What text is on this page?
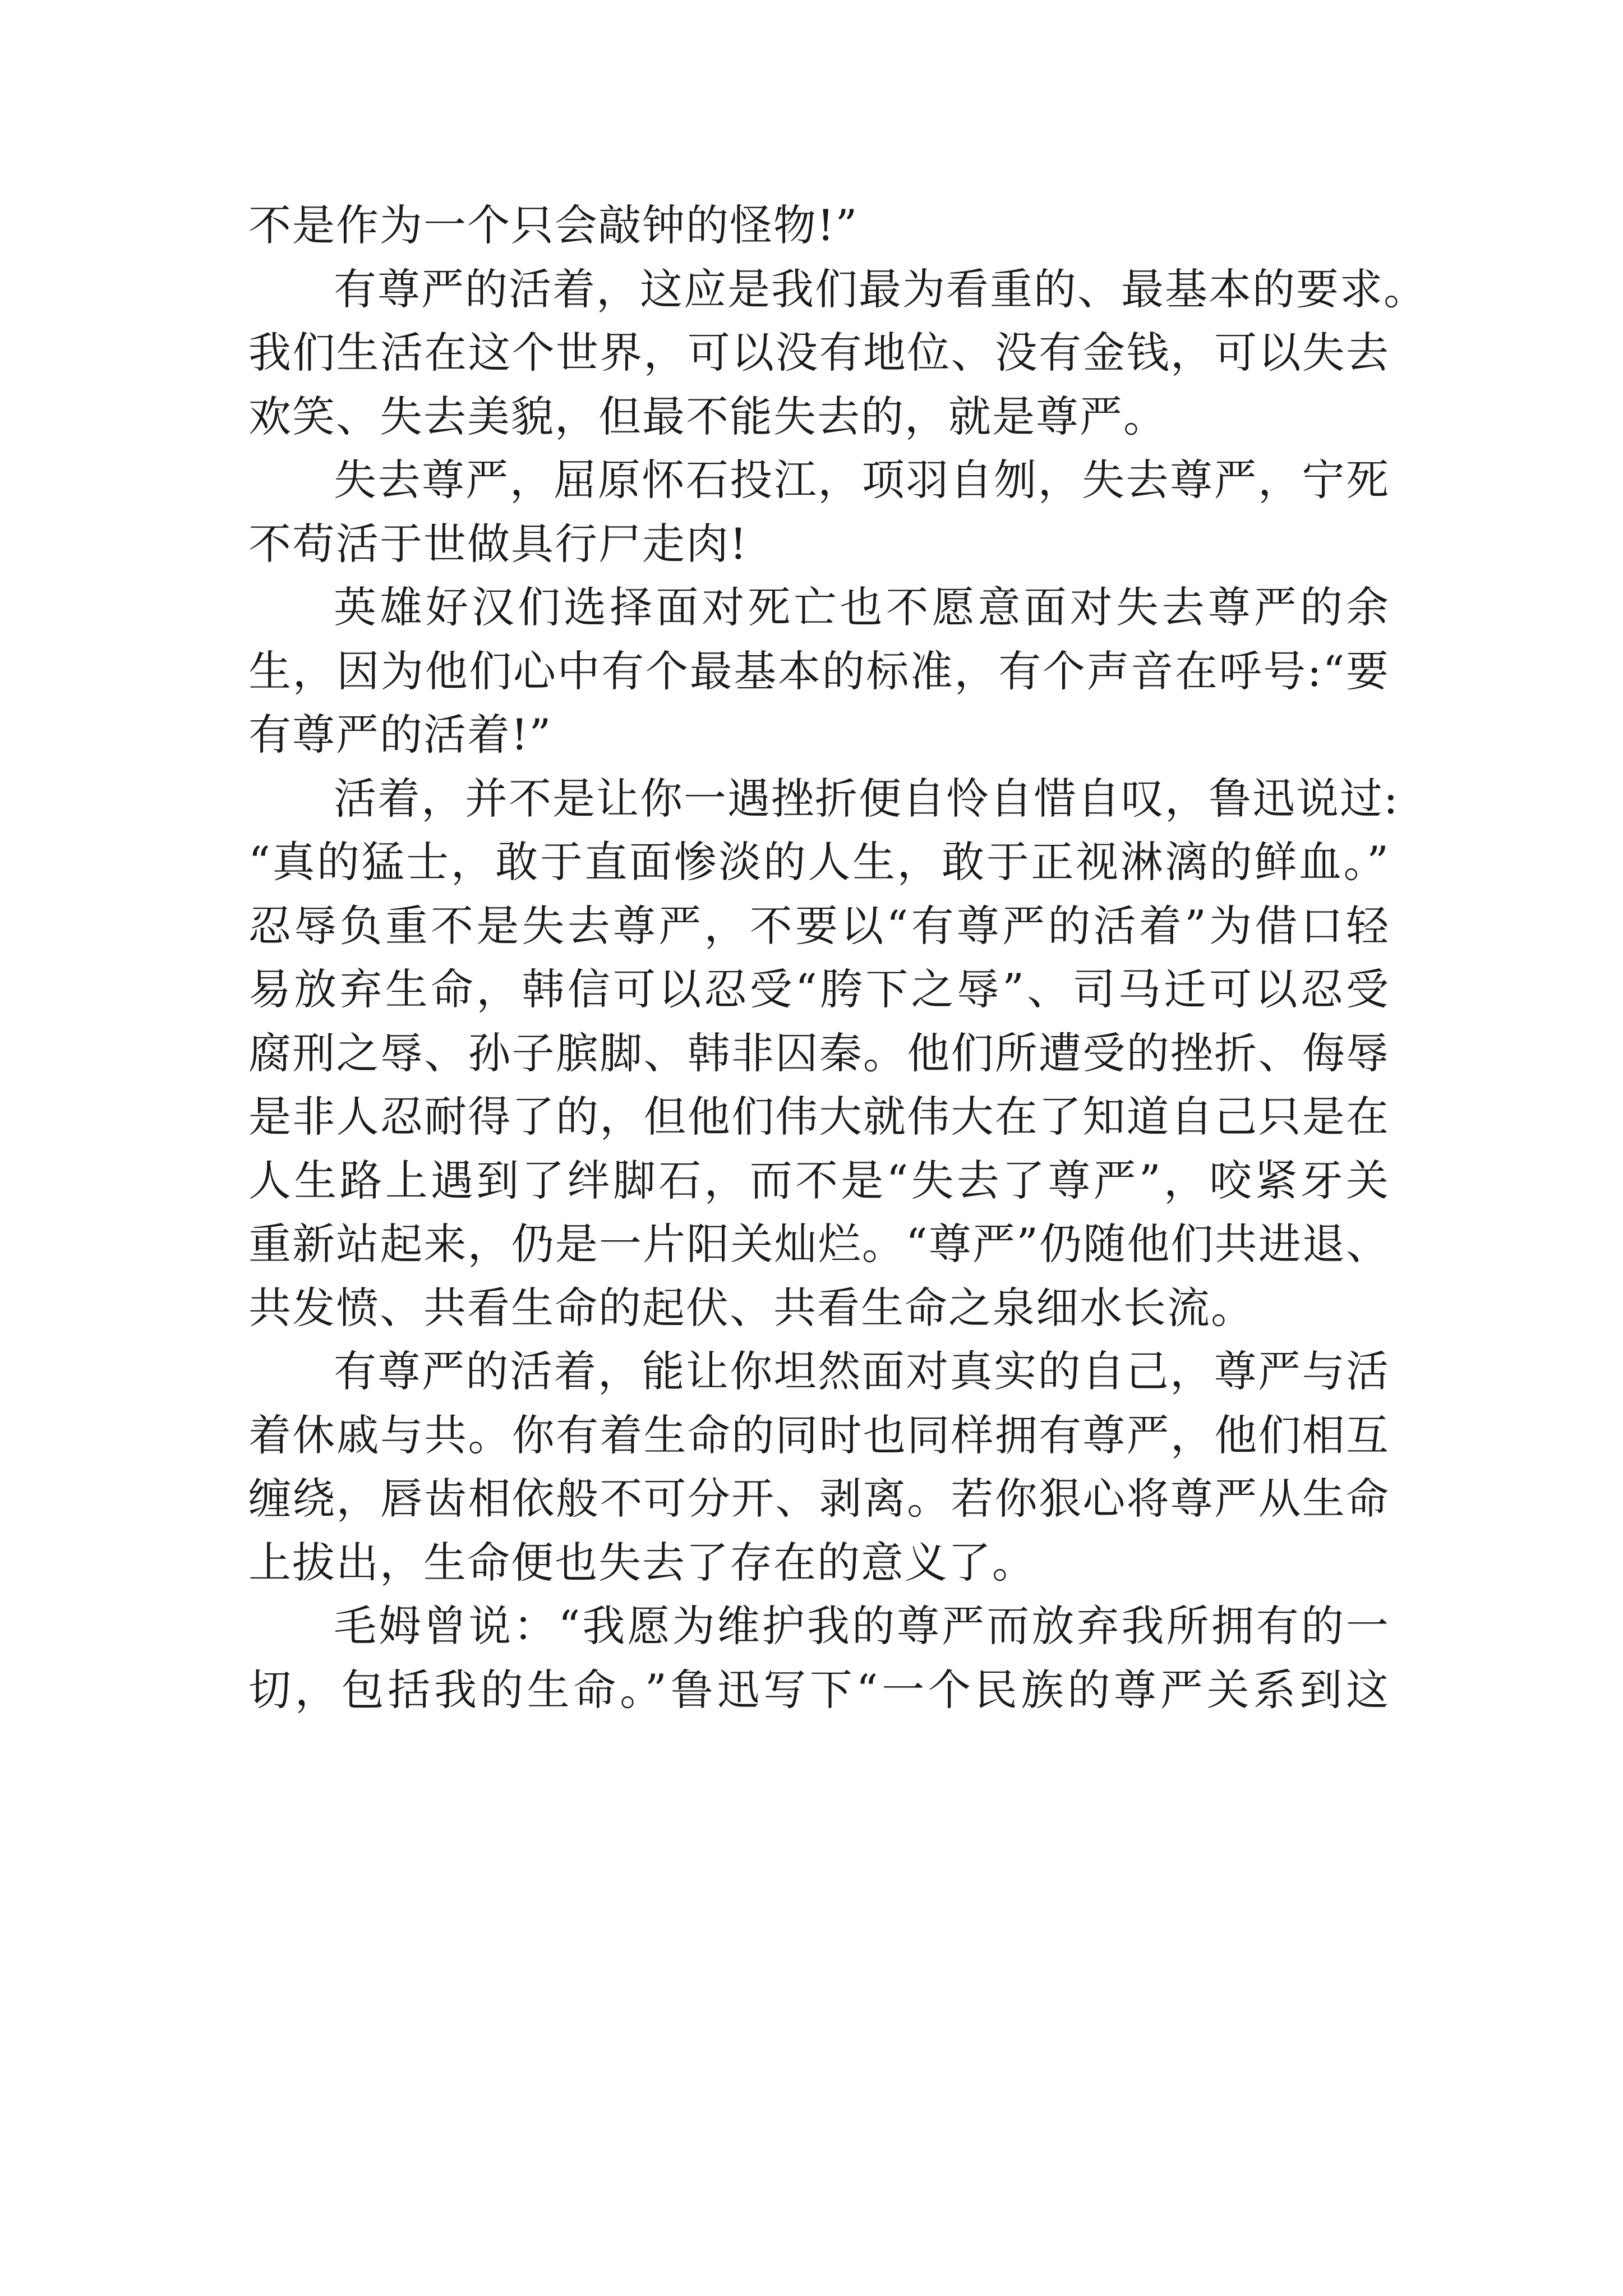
不是作为一个只会敲钟的怪物!”
有尊严的活着，这应是我们最为看重的、最基本的要求。
我们生活在这个世界，可以没有地位、没有金钱，可以失去
欢笑、失去美貌，但最不能失去的，就是尊严。
失去尊严，屈原怀石投江，项羽自刎，失去尊严，宁死
不苟活于世做具行尸走肉!
英雄好汉们选择面对死亡也不愿意面对失去尊严的余
生，因为他们心中有个最基本的标准，有个声音在呼号:“要
有尊严的活着!”
活着，并不是让你一遇挫折便自怜自惜自叹，鲁迅说过:
“真的猛士，敢于直面惨淡的人生，敢于正视淋漓的鲜血。”
忍辱负重不是失去尊严，不要以“有尊严的活着”为借口轻
易放弃生命，韩信可以忍受“胯下之辱”、司马迁可以忍受
腐刑之辱、孙子膑脚、韩非囚秦。他们所遭受的挫折、侮辱
是非人忍耐得了的，但他们伟大就伟大在了知道自己只是在
人生路上遇到了绊脚石，而不是“失去了尊严”，咬紧牙关
重新站起来，仍是一片阳关灿烂。“尊严”仍随他们共进退、
共发愤、共看生命的起伏、共看生命之泉细水长流。
有尊严的活着，能让你坦然面对真实的自己，尊严与活
着休戚与共。你有着生命的同时也同样拥有尊严，他们相互
缠绕，唇齿相依般不可分开、剥离。若你狠心将尊严从生命
上拔出，生命便也失去了存在的意义了。
毛姆曾说：“我愿为维护我的尊严而放弃我所拥有的一
切，包括我的生命。”鲁迅写下“一个民族的尊严关系到这
